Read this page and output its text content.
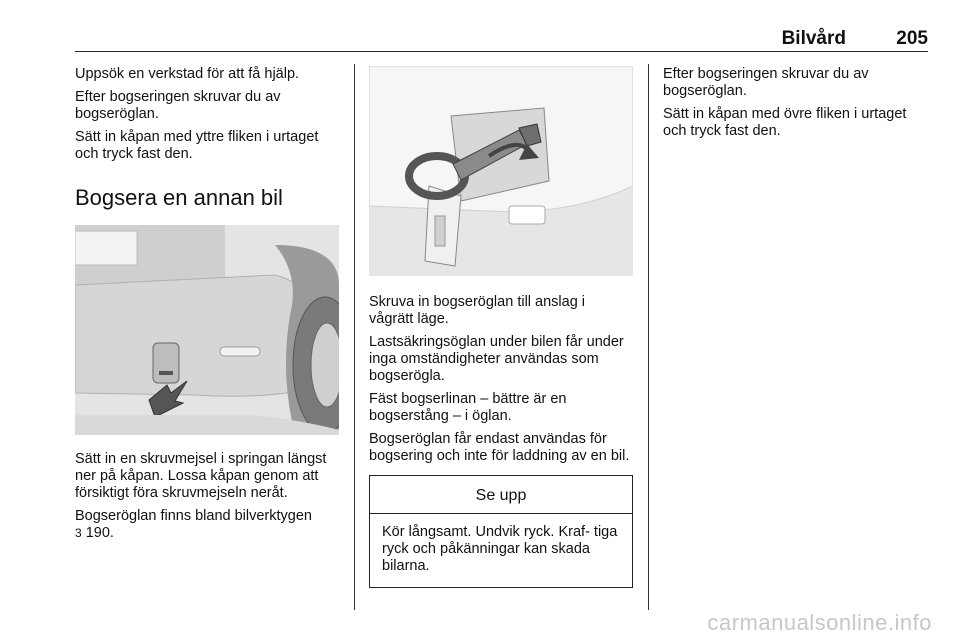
Bilvård	205

Uppsök en verkstad för att få hjälp.

Efter bogseringen skruvar du av bogseröglan.

Sätt in kåpan med yttre fliken i urtaget och tryck fast den.

Bogsera en annan bil

Sätt in en skruvmejsel i springan längst ner på kåpan. Lossa kåpan genom att försiktigt föra skruvmejseln neråt.

Bogseröglan finns bland bilverktygen
3 190.

Skruva in bogseröglan till anslag i vågrätt läge.

Lastsäkringsöglan under bilen får under inga omständigheter användas som bogserögla.

Fäst bogserlinan – bättre är en bogserstång – i öglan.

Bogseröglan får endast användas för bogsering och inte för laddning av en bil.

Se upp
Kör långsamt. Undvik ryck. Kraf- tiga ryck och påkänningar kan skada bilarna.

Efter bogseringen skruvar du av bogseröglan.

Sätt in kåpan med övre fliken i urtaget och tryck fast den.

carmanualsonline.info
